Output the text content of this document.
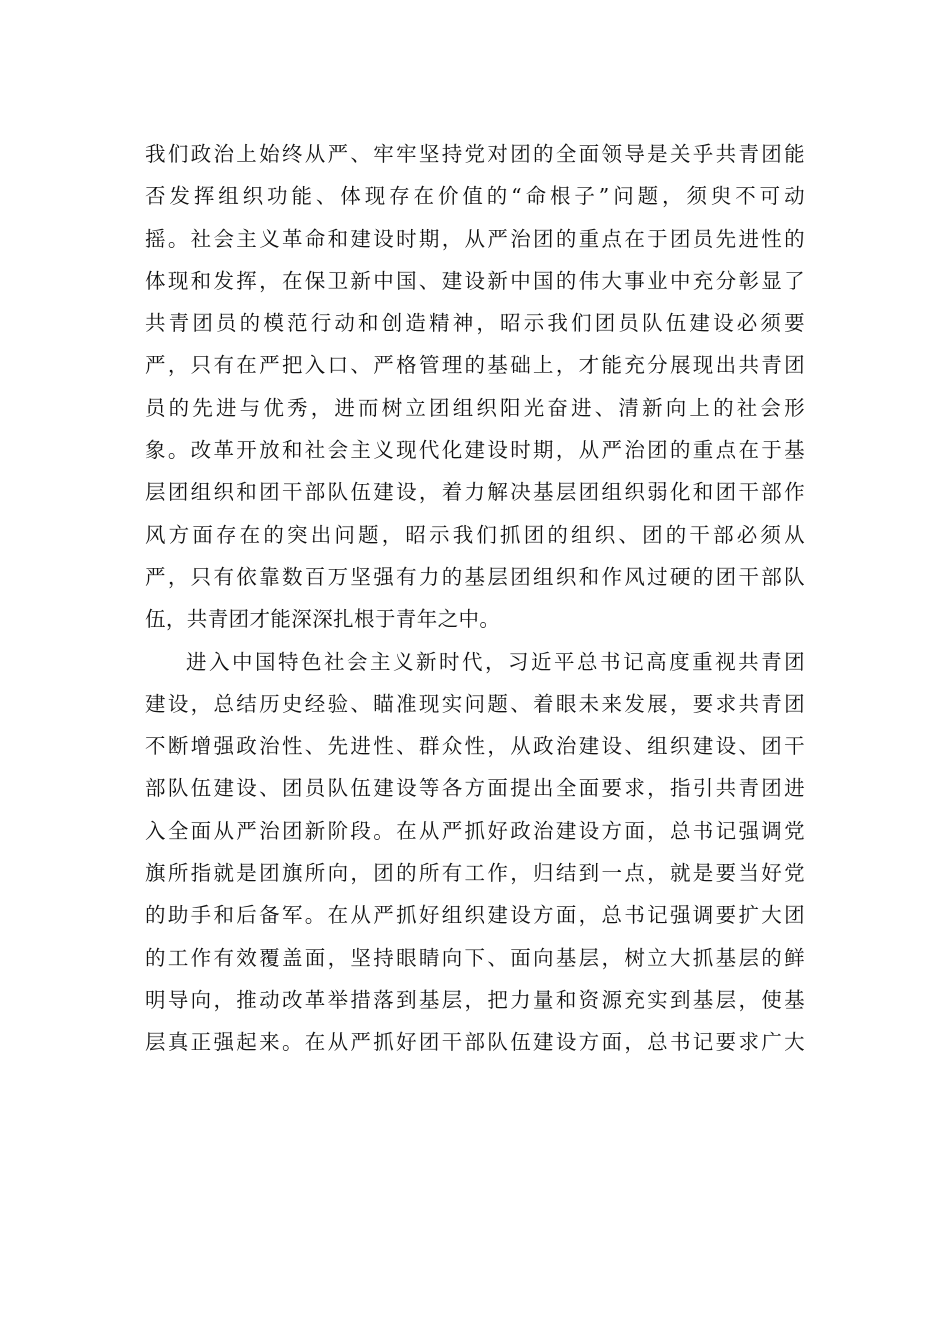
我们政治上始终从严、牢牢坚持党对团的全面领导是关乎共青团能
否发挥组织功能、体现存在价值的“命根子”问题，须臾不可动
摇。社会主义革命和建设时期，从严治团的重点在于团员先进性的
体现和发挥，在保卫新中国、建设新中国的伟大事业中充分彰显了
共青团员的模范行动和创造精神，昭示我们团员队伍建设必须要
严，只有在严把入口、严格管理的基础上，才能充分展现出共青团
员的先进与优秀，进而树立团组织阳光奋进、清新向上的社会形
象。改革开放和社会主义现代化建设时期，从严治团的重点在于基
层团组织和团干部队伍建设，着力解决基层团组织弱化和团干部作
风方面存在的突出问题，昭示我们抓团的组织、团的干部必须从
严，只有依靠数百万坚强有力的基层团组织和作风过硬的团干部队
伍，共青团才能深深扎根于青年之中。
进入中国特色社会主义新时代，习近平总书记高度重视共青团
建设，总结历史经验、瞄准现实问题、着眼未来发展，要求共青团
不断增强政治性、先进性、群众性，从政治建设、组织建设、团干
部队伍建设、团员队伍建设等各方面提出全面要求，指引共青团进
入全面从严治团新阶段。在从严抓好政治建设方面，总书记强调党
旗所指就是团旗所向，团的所有工作，归结到一点，就是要当好党
的助手和后备军。在从严抓好组织建设方面，总书记强调要扩大团
的工作有效覆盖面，坚持眼睛向下、面向基层，树立大抓基层的鲜
明导向，推动改革举措落到基层，把力量和资源充实到基层，使基
层真正强起来。在从严抓好团干部队伍建设方面，总书记要求广大
